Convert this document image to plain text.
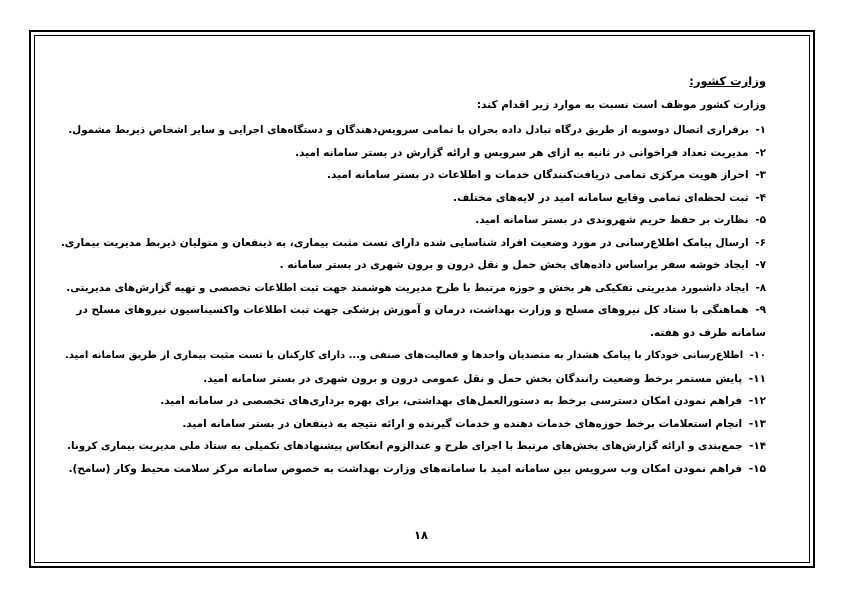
وزارت کشور:
وزارت کشور موظف است نسبت به موارد زیر اقدام کند:
۱- برقراری اتصال دوسویه از طریق درگاه تبادل داده بحران با تمامی سرویس‌دهندگان و دستگاه‌های اجرایی و سایر اشخاص ذیربط مشمول.
۲- مدیریت تعداد فراخوانی در ثانیه به ازای هر سرویس و ارائه گزارش در بستر سامانه امید.
۳- احراز هویت مرکزی تمامی دریافت‌کنندگان خدمات و اطلاعات در بستر سامانه امید.
۴- ثبت لحظه‌ای تمامی وقایع سامانه امید در لایه‌های مختلف.
۵- نظارت بر حفظ حریم شهروندی در بستر سامانه امید.
۶- ارسال پیامک اطلاع‌رسانی در مورد وضعیت افراد شناسایی شده دارای تست مثبت بیماری، به ذینفعان و متولیان ذیربط مدیریت بیماری.
۷- ایجاد خوشه سفر براساس داده‌های بخش حمل و نقل درون و برون شهری در بستر سامانه .
۸- ایجاد داشبورد مدیریتی تفکیکی هر بخش و حوزه مرتبط با طرح مدیریت هوشمند جهت ثبت اطلاعات تخصصی و تهیه گزارش‌های مدیریتی.
۹- هماهنگی با ستاد کل نیروهای مسلح و وزارت بهداشت، درمان و آموزش پزشکی جهت ثبت اطلاعات واکسیناسیون نیروهای مسلح در سامانه طرف دو هفته.
۱۰- اطلاع‌رسانی خودکار با پیامک هشدار به متصدیان واحدها و فعالیت‌های صنفی و... دارای کارکنان با تست مثبت بیماری از طریق سامانه امید.
۱۱- پایش مستمر برخط وضعیت رانندگان بخش حمل و نقل عمومی درون و برون شهری در بستر سامانه امید.
۱۲- فراهم نمودن امکان دسترسی برخط به دستورالعمل‌های بهداشتی، برای بهره برداری‌های تخصصی در سامانه امید.
۱۳- انجام استعلامات برخط حوزه‌های خدمات دهنده و خدمات گیرنده و ارائه نتیجه به ذینفعان در بستر سامانه امید.
۱۴- جمع‌بندی و ارائه گزارش‌های بخش‌های مرتبط با اجرای طرح و عندالزوم انعکاس پیشنهادهای تکمیلی به ستاد ملی مدیریت بیماری کرونا.
۱۵- فراهم نمودن امکان وب سرویس بین سامانه امید با سامانه‌های وزارت بهداشت به خصوص سامانه مرکز سلامت محیط وکار (سامح).
۱۸
